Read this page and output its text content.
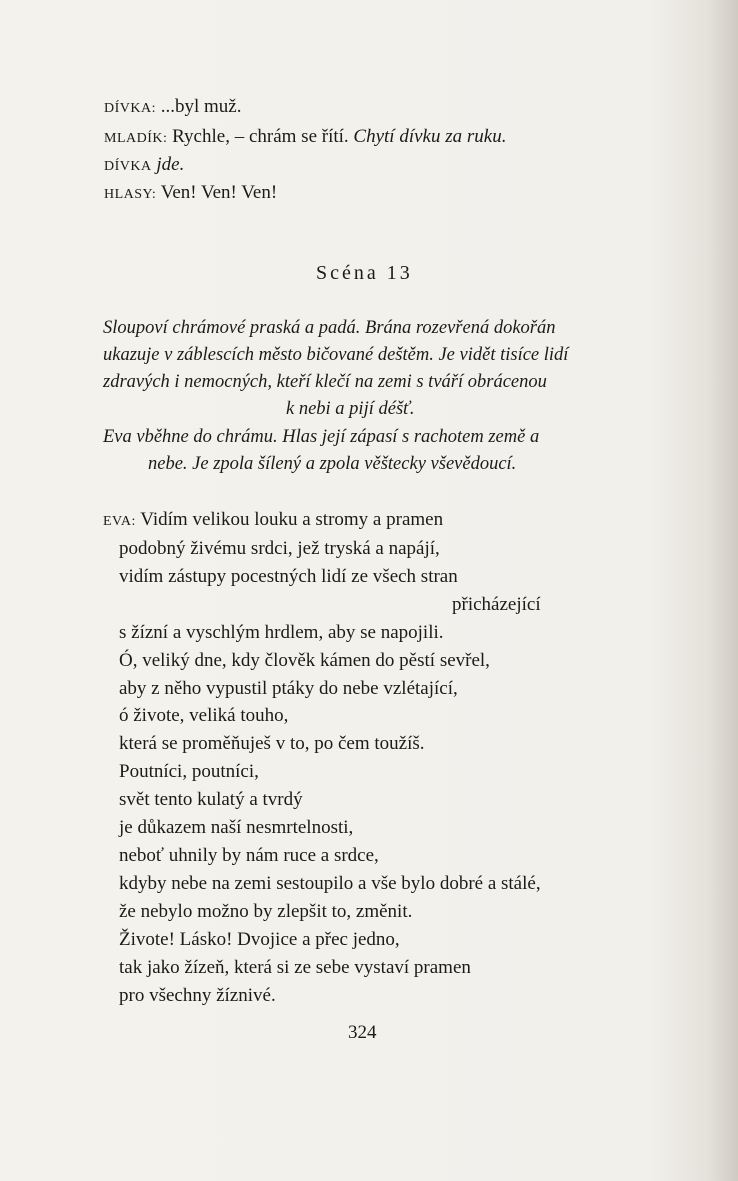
DÍVKA: ...byl muž.
MLADÍK: Rychle, – chrám se řítí. Chytí dívku za ruku.
DÍVKA jde.
HLASY: Ven! Ven! Ven!
Scéna 13
Sloupoví chrámové praská a padá. Brána rozevřená dokořán
ukazuje v záblescích město bičované deštěm. Je vidět tisíce lidí
zdravých i nemocných, kteří klečí na zemi s tváří obrácenou
k nebi a pijí déšť.
Eva vběhne do chrámu. Hlas její zápasí s rachotem země a
nebe. Je zpola šílený a zpola věštecky vševědoucí.
EVA: Vidím velikou louku a stromy a pramen
podobný živému srdci, jež tryská a napájí,
vidím zástupy pocestných lidí ze všech stran
přicházející
s žízní a vyschlým hrdlem, aby se napojili.
Ó, veliký dne, kdy člověk kámen do pěstí sevřel,
aby z něho vypustil ptáky do nebe vzlétající,
ó živote, veliká touho,
která se proměňuješ v to, po čem toužíš.
Poutníci, poutníci,
svět tento kulatý a tvrdý
je důkazem naší nesmrtelnosti,
neboť uhnily by nám ruce a srdce,
kdyby nebe na zemi sestoupilo a vše bylo dobré a stálé,
že nebylo možno by zlepšit to, změnit.
Živote! Lásko! Dvojice a přec jedno,
tak jako žízeň, která si ze sebe vystaví pramen
pro všechny žíznivé.
324
